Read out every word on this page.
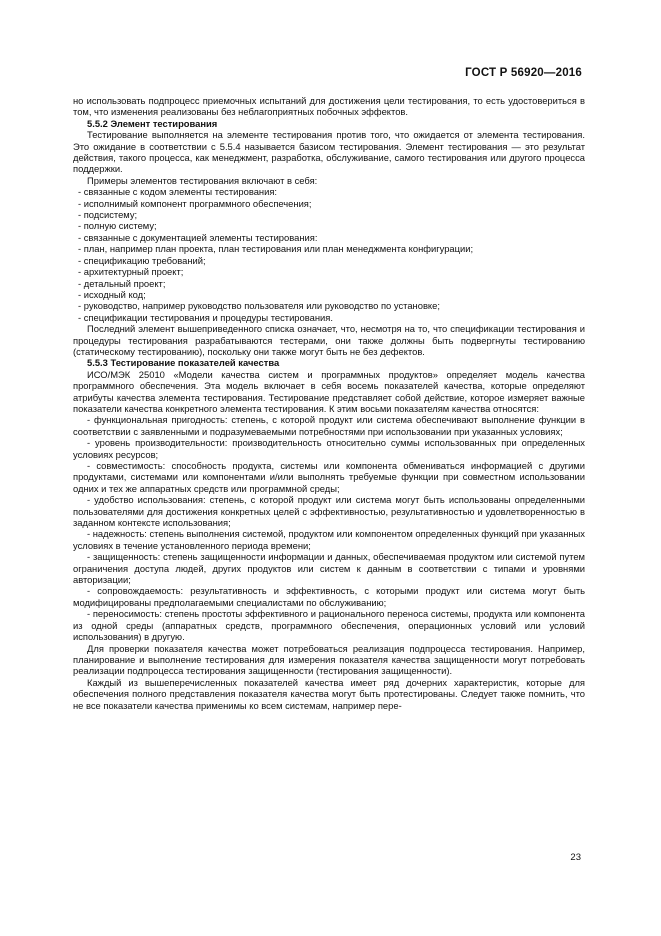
ГОСТ Р 56920—2016

но использовать подпроцесс приемочных испытаний для достижения цели тестирования, то есть удостовериться в том, что изменения реализованы без неблагоприятных побочных эффектов.

5.5.2 Элемент тестирования

Тестирование выполняется на элементе тестирования против того, что ожидается от элемента тестирования. Это ожидание в соответствии с 5.5.4 называется базисом тестирования. Элемент тестирования — это результат действия, такого процесса, как менеджмент, разработка, обслуживание, самого тестирования или другого процесса поддержки.

Примеры элементов тестирования включают в себя:

- связанные с кодом элементы тестирования:

- исполнимый компонент программного обеспечения;

- подсистему;

- полную систему;

- связанные с документацией элементы тестирования:

- план, например план проекта, план тестирования или план менеджмента конфигурации;

- спецификацию требований;

- архитектурный проект;

- детальный проект;

- исходный код;

- руководство, например руководство пользователя или руководство по установке;

- спецификации тестирования и процедуры тестирования.

Последний элемент вышеприведенного списка означает, что, несмотря на то, что спецификации тестирования и процедуры тестирования разрабатываются тестерами, они также должны быть подвергнуты тестированию (статическому тестированию), поскольку они также могут быть не без дефектов.

5.5.3 Тестирование показателей качества

ИСО/МЭК 25010 «Модели качества систем и программных продуктов» определяет модель качества программного обеспечения. Эта модель включает в себя восемь показателей качества, которые определяют атрибуты качества элемента тестирования. Тестирование представляет собой действие, которое измеряет важные показатели качества конкретного элемента тестирования. К этим восьми показателям качества относятся:

- функциональная пригодность: степень, с которой продукт или система обеспечивают выполнение функции в соответствии с заявленными и подразумеваемыми потребностями при использовании при указанных условиях;

- уровень производительности: производительность относительно суммы использованных при определенных условиях ресурсов;

- совместимость: способность продукта, системы или компонента обмениваться информацией с другими продуктами, системами или компонентами и/или выполнять требуемые функции при совместном использовании одних и тех же аппаратных средств или программной среды;

- удобство использования: степень, с которой продукт или система могут быть использованы определенными пользователями для достижения конкретных целей с эффективностью, результативностью и удовлетворенностью в заданном контексте использования;

- надежность: степень выполнения системой, продуктом или компонентом определенных функций при указанных условиях в течение установленного периода времени;

- защищенность: степень защищенности информации и данных, обеспечиваемая продуктом или системой путем ограничения доступа людей, других продуктов или систем к данным в соответствии с типами и уровнями авторизации;

- сопровождаемость: результативность и эффективность, с которыми продукт или система могут быть модифицированы предполагаемыми специалистами по обслуживанию;

- переносимость: степень простоты эффективного и рационального переноса системы, продукта или компонента из одной среды (аппаратных средств, программного обеспечения, операционных условий или условий использования) в другую.

Для проверки показателя качества может потребоваться реализация подпроцесса тестирования. Например, планирование и выполнение тестирования для измерения показателя качества защищенности могут потребовать реализации подпроцесса тестирования защищенности (тестирования защищенности).

Каждый из вышеперечисленных показателей качества имеет ряд дочерних характеристик, которые для обеспечения полного представления показателя качества могут быть протестированы. Следует также помнить, что не все показатели качества применимы ко всем системам, например пере-

23
